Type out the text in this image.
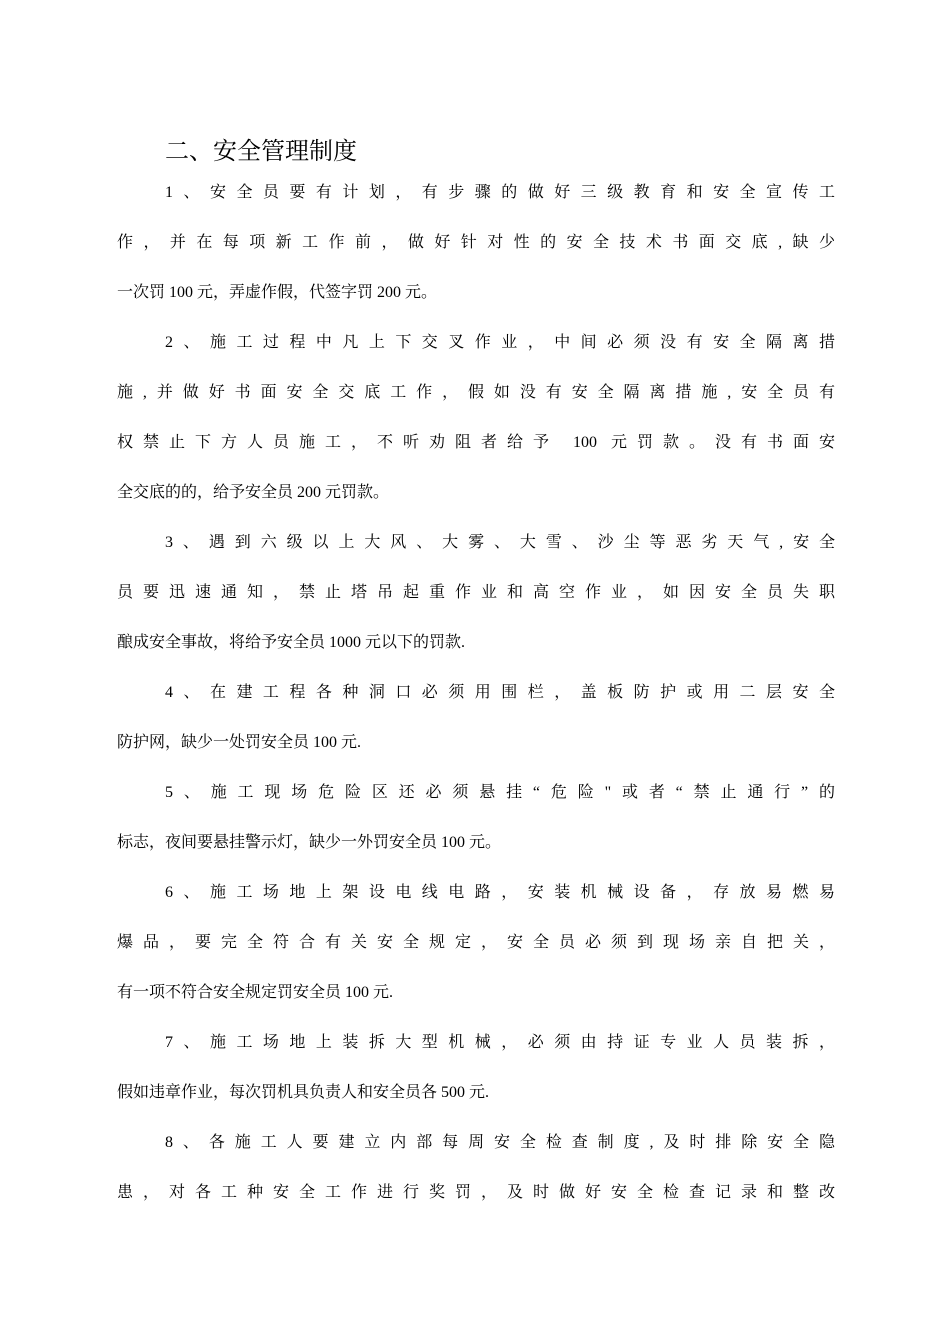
二、安全管理制度
1、安全员要有计划，有步骤的做好三级教育和安全宣传工
作，并在每项新工作前，做好针对性的安全技术书面交底,缺少
一次罚 100 元，弄虚作假，代签字罚 200 元。
2、施工过程中凡上下交叉作业，中间必须没有安全隔离措
施,并做好书面安全交底工作，假如没有安全隔离措施,安全员有
权禁止下方人员施工，不听劝阻者给予 100 元罚款。没有书面安
全交底的的，给予安全员 200 元罚款。
3、遇到六级以上大风、大雾、大雪、沙尘等恶劣天气,安全
员要迅速通知，禁止塔吊起重作业和高空作业，如因安全员失职
酿成安全事故，将给予安全员 1000 元以下的罚款.
4、在建工程各种洞口必须用围栏，盖板防护或用二层安全
防护网，缺少一处罚安全员 100 元.
5、施工现场危险区还必须悬挂“危险"或者“禁止通行”的
标志，夜间要悬挂警示灯，缺少一外罚安全员 100 元。
6、施工场地上架设电线电路，安装机械设备，存放易燃易
爆品，要完全符合有关安全规定，安全员必须到现场亲自把关，
有一项不符合安全规定罚安全员 100 元.
7、施工场地上装拆大型机械，必须由持证专业人员装拆，
假如违章作业，每次罚机具负责人和安全员各 500 元.
8、各施工人要建立内部每周安全检查制度,及时排除安全隐
患，对各工种安全工作进行奖罚，及时做好安全检查记录和整改
